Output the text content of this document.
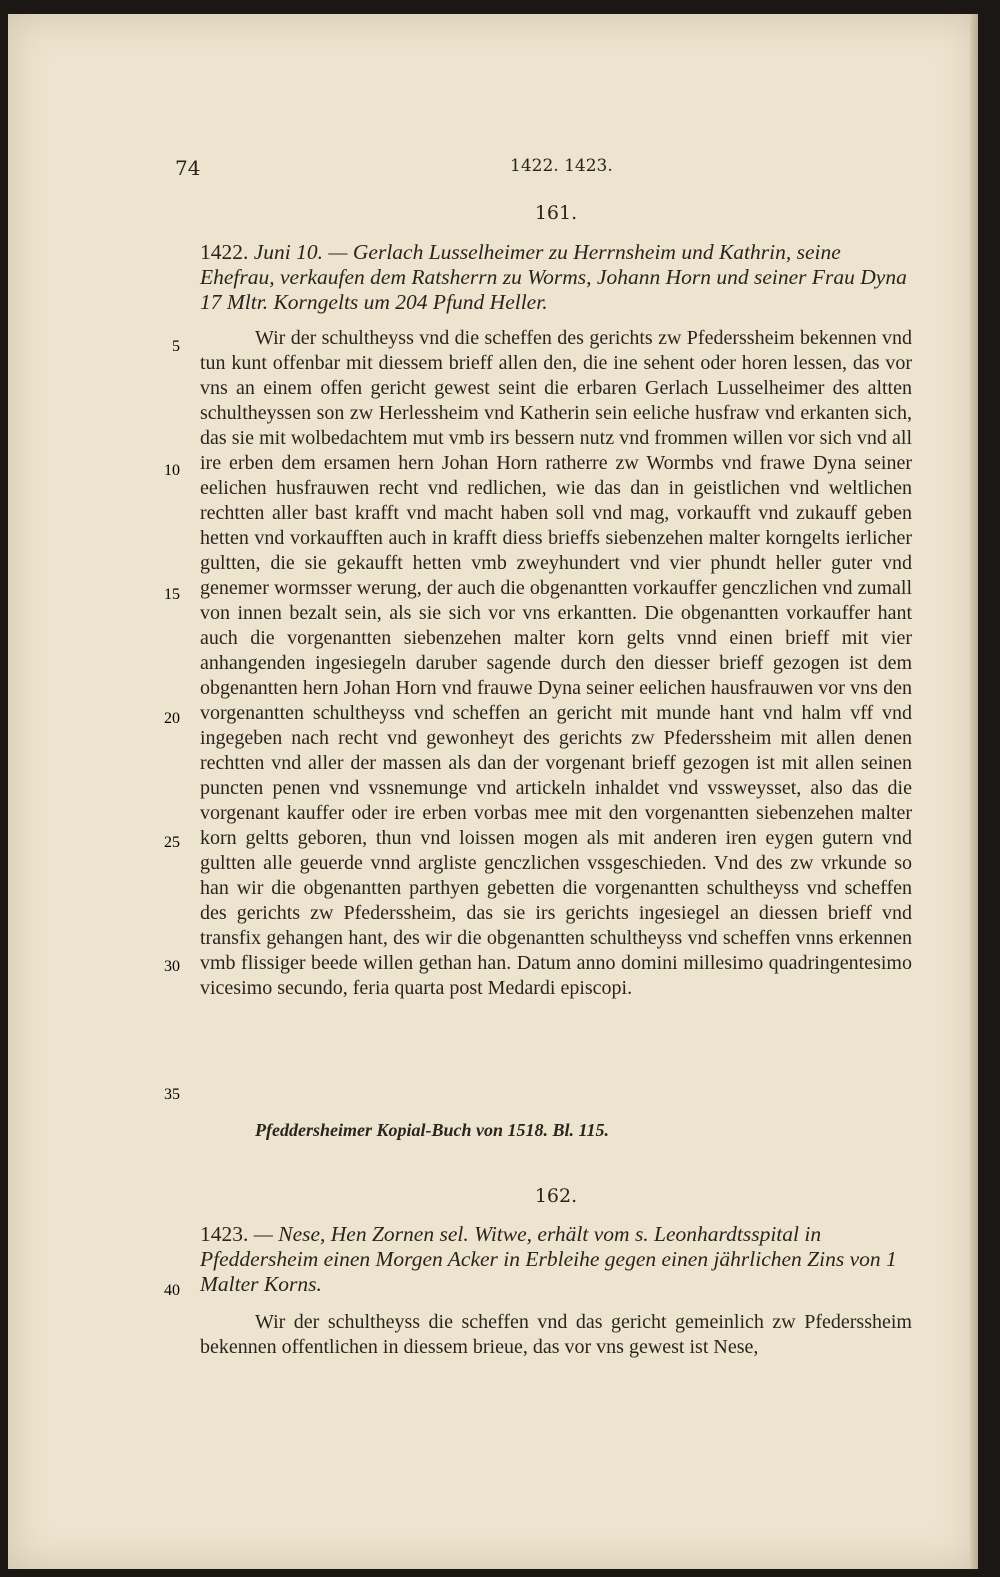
74	1422. 1423.
161.
1422. Juni 10. — Gerlach Lusselheimer zu Herrnsheim und Kathrin, seine Ehefrau, verkaufen dem Ratsherrn zu Worms, Johann Horn und seiner Frau Dyna 17 Mltr. Korngelts um 204 Pfund Heller.

Wir der schultheyss vnd die scheffen des gerichts zw Pfederssheim bekennen vnd tun kunt offenbar mit diessem brieff allen den, die ine sehent oder horen lessen, das vor vns an einem offen gericht gewest seint die erbaren Gerlach Lusselheimer des altten schultheyssen son zw Herlessheim vnd Katherin sein eeliche husfraw vnd erkanten sich, das sie mit wolbedachtem mut vmb irs bessern nutz vnd frommen willen vor sich vnd all ire erben dem ersamen hern Johan Horn ratherre zw Wormbs vnd frawe Dyna seiner eelichen husfrauwen recht vnd redlichen, wie das dan in geistlichen vnd weltlichen rechtten aller bast krafft vnd macht haben soll vnd mag, vorkaufft vnd zukauff geben hetten vnd vorkaufften auch in krafft diess brieffs siebenzehen malter korngelts ierlicher gultten, die sie gekaufft hetten vmb zweyhundert vnd vier phundt heller guter vnd genemer wormsser werung, der auch die obgenantten vorkauffer genczlichen vnd zumall von innen bezalt sein, als sie sich vor vns erkantten. Die obgenantten vorkauffer hant auch die vorgenantten siebenzehen malter korn gelts vnnd einen brieff mit vier anhangenden ingesiegeln daruber sagende durch den diesser brieff gezogen ist dem obgenantten hern Johan Horn vnd frauwe Dyna seiner eelichen hausfrauwen vor vns den vorgenantten schultheyss vnd scheffen an gericht mit munde hant vnd halm vff vnd ingegeben nach recht vnd gewonheyt des gerichts zw Pfederssheim mit allen denen rechtten vnd aller der massen als dan der vorgenant brieff gezogen ist mit allen seinen puncten penen vnd vssnemunge vnd artickeln inhaldet vnd vssweysset, also das die vorgenant kauffer oder ire erben vorbas mee mit den vorgenantten siebenzehen malter korn geltts geboren, thun vnd loissen mogen als mit anderen iren eygen gutern vnd gultten alle geuerde vnnd argliste genczlichen vssgeschieden. Vnd des zw vrkunde so han wir die obgenantten parthyen gebetten die vorgenantten schultheyss vnd scheffen des gerichts zw Pfederssheim, das sie irs gerichts ingesiegel an diessen brieff vnd transfix gehangen hant, des wir die obgenantten schultheyss vnd scheffen vnns erkennen vmb flissiger beede willen gethan han. Datum anno domini millesimo quadringentesimo vicesimo secundo, feria quarta post Medardi episcopi.

Pfeddersheimer Kopial-Buch von 1518. Bl. 115.
162.
1423. — Nese, Hen Zornen sel. Witwe, erhält vom s. Leonhardtsspital in Pfeddersheim einen Morgen Acker in Erbleihe gegen einen jährlichen Zins von 1 Malter Korns.

Wir der schultheyss die scheffen vnd das gericht gemeinlich zw Pfederssheim bekennen offentlichen in diessem brieue, das vor vns gewest ist Nese,

5
10
15
20
25
30
35
40
